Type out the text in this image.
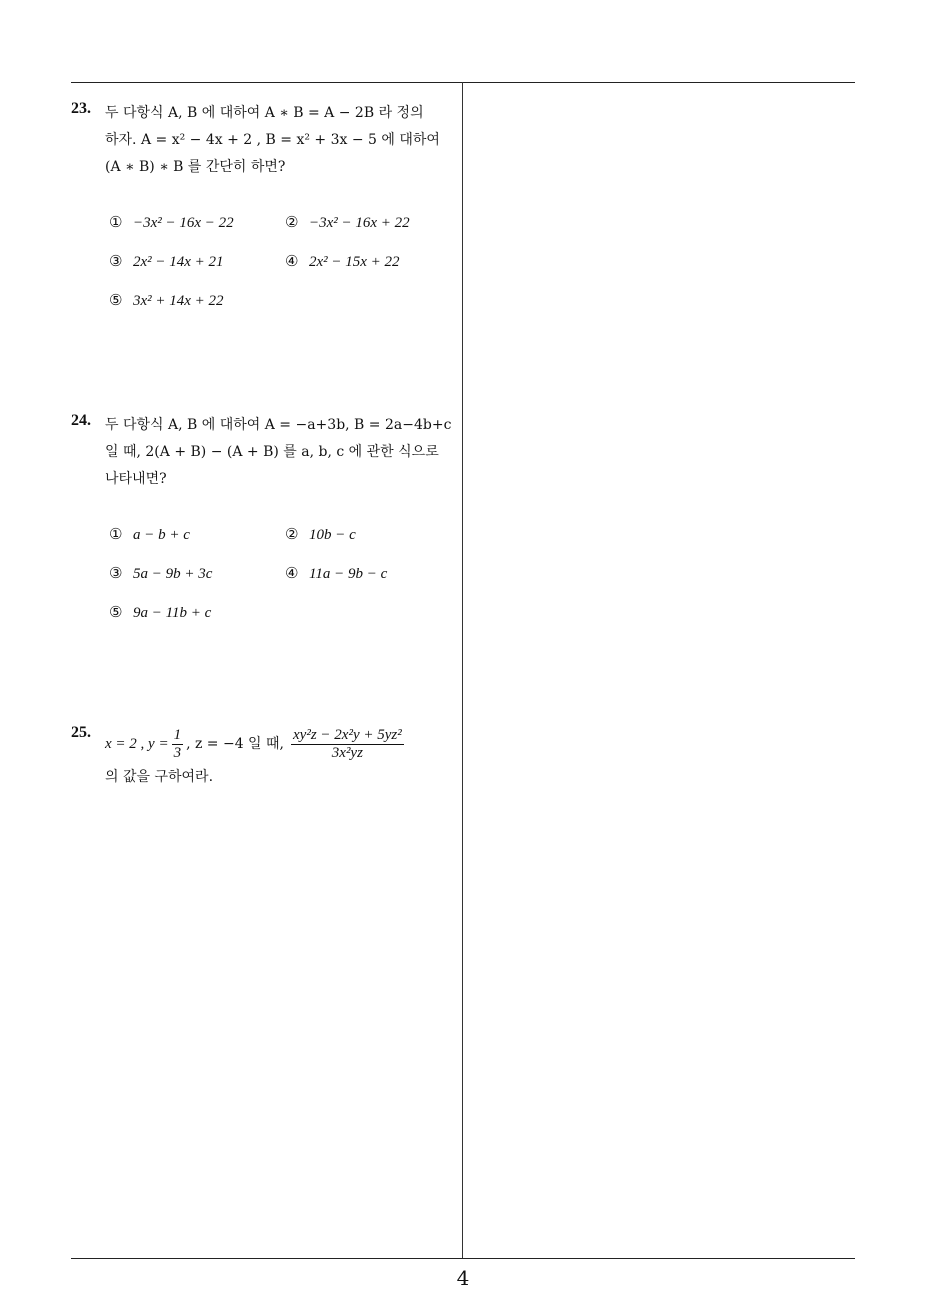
23. 두 다항식 A, B 에 대하여 A ∗ B = A − 2B 라 정의

하자. A = x² − 4x + 2 , B = x² + 3x − 5 에 대하여

(A ∗ B) ∗ B 를 간단히 하면?

① −3x² − 16x − 22	② −3x² − 16x + 22
③ 2x² − 14x + 21	④ 2x² − 15x + 22
⑤ 3x² + 14x + 22
24. 두 다항식 A, B 에 대하여 A = −a+3b, B = 2a−4b+c

일 때, 2(A + B) − (A + B) 를 a, b, c 에 관한 식으로

나타내면?

① a − b + c	② 10b − c
③ 5a − 9b + 3c	④ 11a − 9b − c
⑤ 9a − 11b + c
25.
x = 2 , $y = \frac{1}{3}$ , z = −4 일 때, $\frac{\text{xy²z − 2x²y + 5yz²}}{\text{3x²yz}}$

의 값을 구하여라.

4
